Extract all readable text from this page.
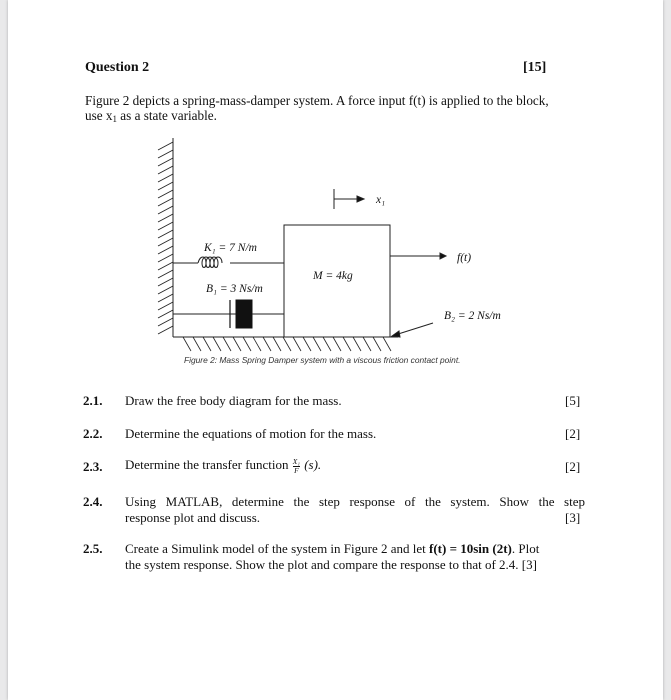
Question 2	[15]
Figure 2 depicts a spring-mass-damper system. A force input f(t) is applied to the block,
use $x_1$ as a state variable.
K₁ = 7 N/m
B₁ = 3 Ns/m
M = 4kg
f(t)
x₁
B₂ = 2 Ns/m
Figure 2: Mass Spring Damper system with a viscous friction contact point.
2.1. Draw the free body diagram for the mass.	[5]
2.2. Determine the equations of motion for the mass.	[2]
2.3. Determine the transfer function $\frac{\text{X₁}}{F} (s)$.	[2]
2.4. Using MATLAB, determine the step response of the system. Show the step
response plot and discuss.	[3]
2.5. Create a Simulink model of the system in Figure 2 and let f(t) = 10sin (2t). Plot
the system response. Show the plot and compare the response to that of 2.4. [3]
